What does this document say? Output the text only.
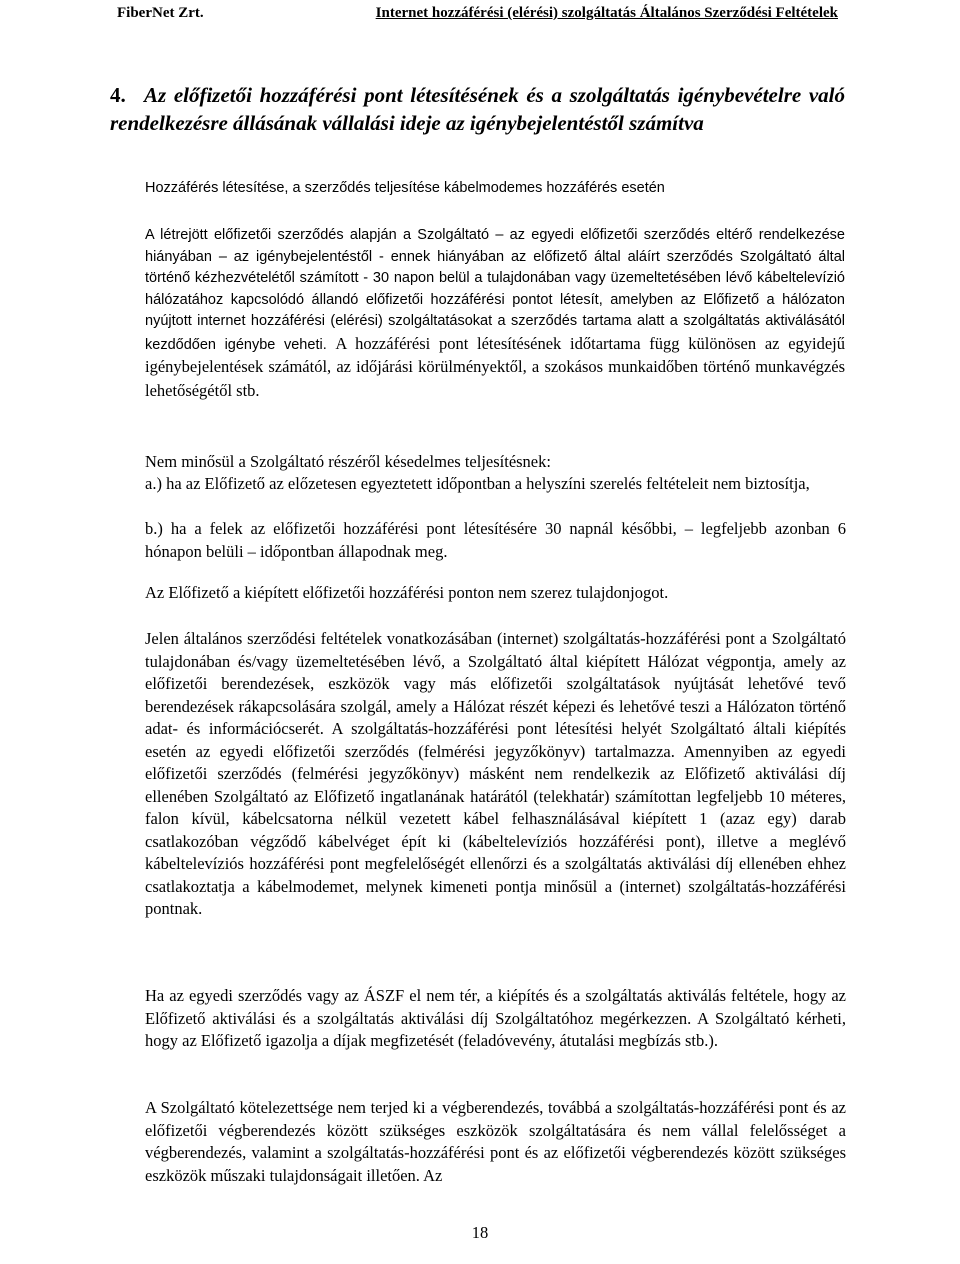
FiberNet Zrt.	Internet hozzáférési (elérési) szolgáltatás Általános Szerződési Feltételek
4. Az előfizetői hozzáférési pont létesítésének és a szolgáltatás igénybevételre való rendelkezésre állásának vállalási ideje az igénybejelentéstől számítva

Hozzáférés létesítése, a szerződés teljesítése kábelmodemes hozzáférés esetén

A létrejött előfizetői szerződés alapján a Szolgáltató – az egyedi előfizetői szerződés eltérő rendelkezése hiányában – az igénybejelentéstől - ennek hiányában az előfizető által aláírt szerződés Szolgáltató által történő kézhezvételétől számított - 30 napon belül a tulajdonában vagy üzemeltetésében lévő kábeltelevízió hálózatához kapcsolódó állandó előfizetői hozzáférési pontot létesít, amelyben az Előfizető a hálózaton nyújtott internet hozzáférési (elérési) szolgáltatásokat a szerződés tartama alatt a szolgáltatás aktiválásától kezdődően igénybe veheti. A hozzáférési pont létesítésének időtartama függ különösen az egyidejű igénybejelentések számától, az időjárási körülményektől, a szokásos munkaidőben történő munkavégzés lehetőségétől stb.

Nem minősül a Szolgáltató részéről késedelmes teljesítésnek:

a.) ha az Előfizető az előzetesen egyeztetett időpontban a helyszíni szerelés feltételeit nem biztosítja,
b.) ha a felek az előfizetői hozzáférési pont létesítésére 30 napnál későbbi, – legfeljebb azonban 6 hónapon belüli – időpontban állapodnak meg.

Az Előfizető a kiépített előfizetői hozzáférési ponton nem szerez tulajdonjogot.

Jelen általános szerződési feltételek vonatkozásában (internet) szolgáltatás-hozzáférési pont a Szolgáltató tulajdonában és/vagy üzemeltetésében lévő, a Szolgáltató által kiépített Hálózat végpontja, amely az előfizetői berendezések, eszközök vagy más előfizetői szolgáltatások nyújtását lehetővé tevő berendezések rákapcsolására szolgál, amely a Hálózat részét képezi és lehetővé teszi a Hálózaton történő adat- és információcserét. A szolgáltatás-hozzáférési pont létesítési helyét Szolgáltató általi kiépítés esetén az egyedi előfizetői szerződés (felmérési jegyzőkönyv) tartalmazza. Amennyiben az egyedi előfizetői szerződés (felmérési jegyzőkönyv) másként nem rendelkezik az Előfizető aktiválási díj ellenében Szolgáltató az Előfizető ingatlanának határától (telekhatár) számítottan legfeljebb 10 méteres, falon kívül, kábelcsatorna nélkül vezetett kábel felhasználásával kiépített 1 (azaz egy) darab csatlakozóban végződő kábelvéget épít ki (kábeltelevíziós hozzáférési pont), illetve a meglévő kábeltelevíziós hozzáférési pont megfelelőségét ellenőrzi és a szolgáltatás aktiválási díj ellenében ehhez csatlakoztatja a kábelmodemet, melynek kimeneti pontja minősül a (internet) szolgáltatás-hozzáférési pontnak.

Ha az egyedi szerződés vagy az ÁSZF el nem tér, a kiépítés és a szolgáltatás aktiválás feltétele, hogy az Előfizető aktiválási és a szolgáltatás aktiválási díj Szolgáltatóhoz megérkezzen. A Szolgáltató kérheti, hogy az Előfizető igazolja a díjak megfizetését (feladóvevény, átutalási megbízás stb.).

A Szolgáltató kötelezettsége nem terjed ki a végberendezés, továbbá a szolgáltatás-hozzáférési pont és az előfizetői végberendezés között szükséges eszközök szolgáltatására és nem vállal felelősséget a végberendezés, valamint a szolgáltatás-hozzáférési pont és az előfizetői végberendezés között szükséges eszközök műszaki tulajdonságait illetően. Az

18
